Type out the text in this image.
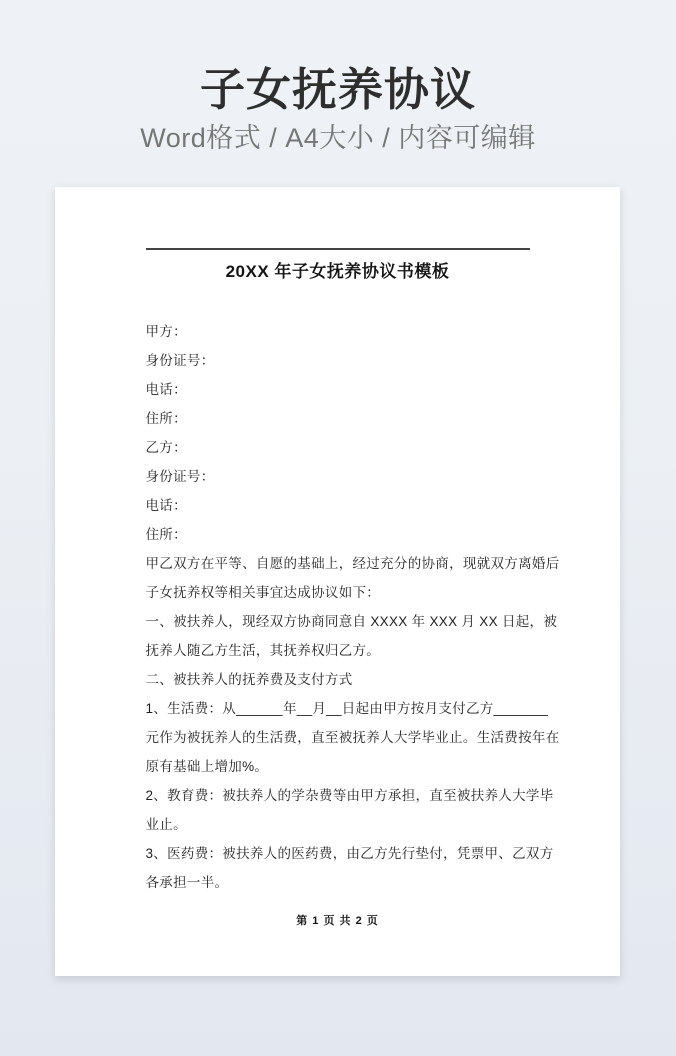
子女抚养协议
Word格式 / A4大小 / 内容可编辑
20XX 年子女抚养协议书模板
甲方：
身份证号：
电话：
住所：
乙方：
身份证号：
电话：
住所：
甲乙双方在平等、自愿的基础上，经过充分的协商，现就双方离婚后
子女抚养权等相关事宜达成协议如下：
一、被扶养人，现经双方协商同意自 XXXX 年 XXX 月 XX 日起，被
抚养人随乙方生活，其抚养权归乙方。
二、被扶养人的抚养费及支付方式
1、生活费：从______年__月__日起由甲方按月支付乙方_______
元作为被抚养人的生活费，直至被抚养人大学毕业止。生活费按年在
原有基础上增加%。
2、教育费：被扶养人的学杂费等由甲方承担，直至被扶养人大学毕
业止。
3、医药费：被扶养人的医药费，由乙方先行垫付，凭票甲、乙双方
各承担一半。
第 1 页 共 2 页
